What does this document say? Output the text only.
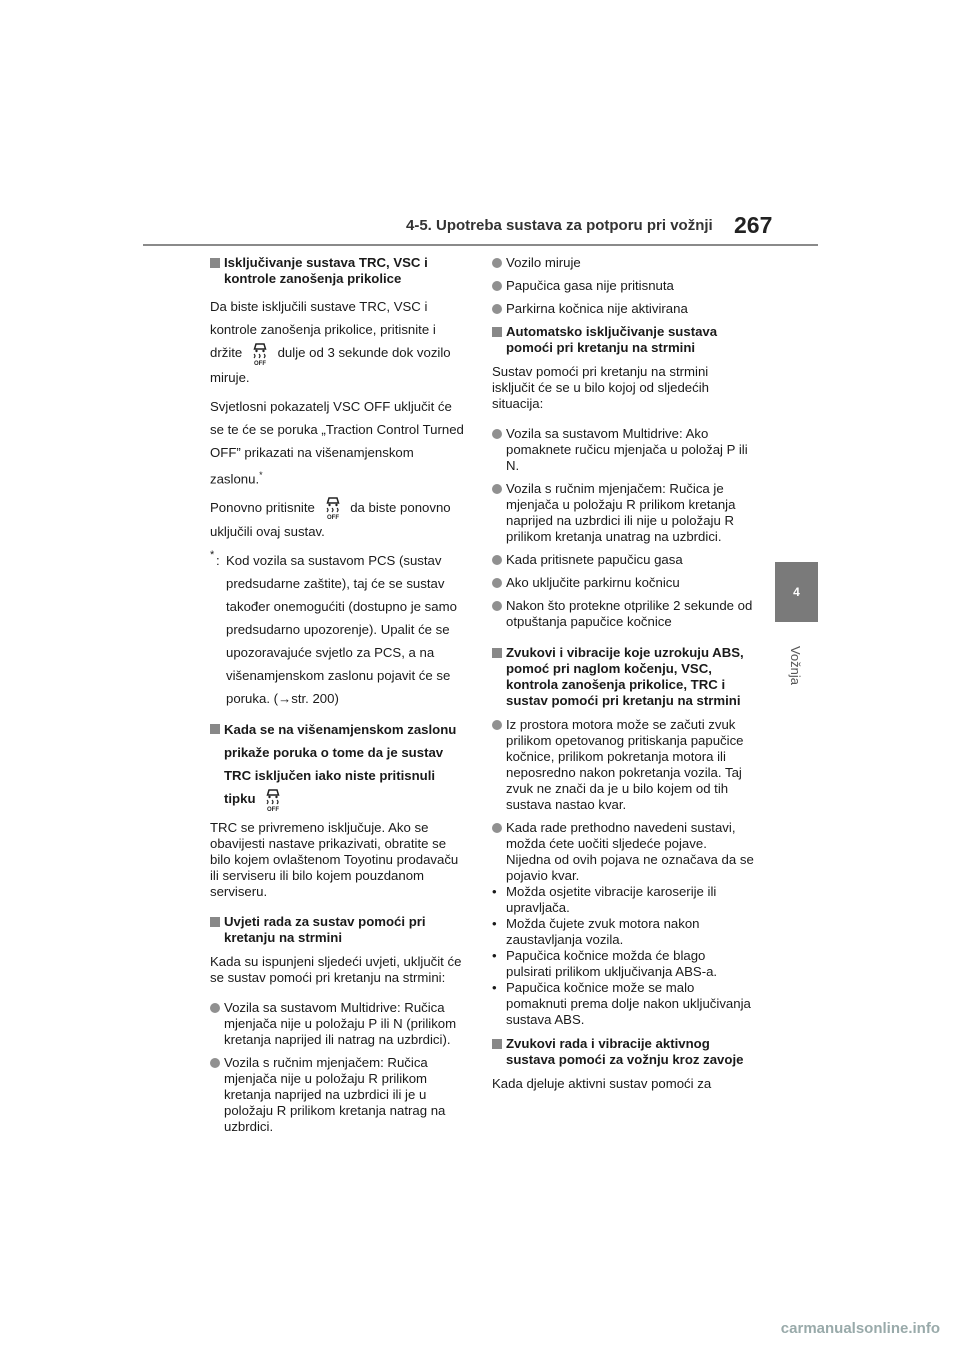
4-5. Upotreba sustava za potporu pri vožnji 267
4
Vožnja
Isključivanje sustava TRC, VSC i kontrole zanošenja prikolice
Da biste isključili sustave TRC, VSC i kontrole zanošenja prikolice, pritisnite i držite
OFF
dulje od 3 sekunde dok vozilo miruje.
Svjetlosni pokazatelj VSC OFF uključit će se te će se poruka „Traction Control Turned OFF” prikazati na višenamjenskom zaslonu.*
Ponovno pritisnite
OFF
da biste ponovno uključili ovaj sustav.
* : Kod vozila sa sustavom PCS (sustav predsudarne zaštite), taj će se sustav također onemogućiti (dostupno je samo predsudarno upozorenje). Upalit će se upozoravajuće svjetlo za PCS, a na višenamjenskom zaslonu pojavit će se poruka. (→str. 200)
Kada se na višenamjenskom zaslonu prikaže poruka o tome da je sustav TRC isključen iako niste pritisnuli tipku
OFF
TRC se privremeno isključuje. Ako se obavijesti nastave prikazivati, obratite se bilo kojem ovlaštenom Toyotinu prodavaču ili serviseru ili bilo kojem pouzdanom serviseru.
Uvjeti rada za sustav pomoći pri kretanju na strmini
Kada su ispunjeni sljedeći uvjeti, uključit će se sustav pomoći pri kretanju na strmini:
Vozila sa sustavom Multidrive: Ručica mjenjača nije u položaju P ili N (prilikom kretanja naprijed ili natrag na uzbrdici).
Vozila s ručnim mjenjačem: Ručica mjenjača nije u položaju R prilikom kretanja naprijed na uzbrdici ili je u položaju R prilikom kretanja natrag na uzbrdici.
Vozilo miruje
Papučica gasa nije pritisnuta
Parkirna kočnica nije aktivirana
Automatsko isključivanje sustava pomoći pri kretanju na strmini
Sustav pomoći pri kretanju na strmini isključit će se u bilo kojoj od sljedećih situacija:
Vozila sa sustavom Multidrive: Ako pomaknete ručicu mjenjača u položaj P ili N.
Vozila s ručnim mjenjačem: Ručica je mjenjača u položaju R prilikom kretanja naprijed na uzbrdici ili nije u položaju R prilikom kretanja unatrag na uzbrdici.
Kada pritisnete papučicu gasa
Ako uključite parkirnu kočnicu
Nakon što protekne otprilike 2 sekunde od otpuštanja papučice kočnice
Zvukovi i vibracije koje uzrokuju ABS, pomoć pri naglom kočenju, VSC, kontrola zanošenja prikolice, TRC i sustav pomoći pri kretanju na strmini
Iz prostora motora može se začuti zvuk prilikom opetovanog pritiskanja papučice kočnice, prilikom pokretanja motora ili neposredno nakon pokretanja vozila. Taj zvuk ne znači da je u bilo kojem od tih sustava nastao kvar.
Kada rade prethodno navedeni sustavi, možda ćete uočiti sljedeće pojave. Nijedna od ovih pojava ne označava da se pojavio kvar.
• Možda osjetite vibracije karoserije ili upravljača.
• Možda čujete zvuk motora nakon zaustavljanja vozila.
• Papučica kočnice možda će blago pulsirati prilikom uključivanja ABS-a.
• Papučica kočnice može se malo pomaknuti prema dolje nakon uključivanja sustava ABS.
Zvukovi rada i vibracije aktivnog sustava pomoći za vožnju kroz zavoje
Kada djeluje aktivni sustav pomoći za
carmanualsonline.info
